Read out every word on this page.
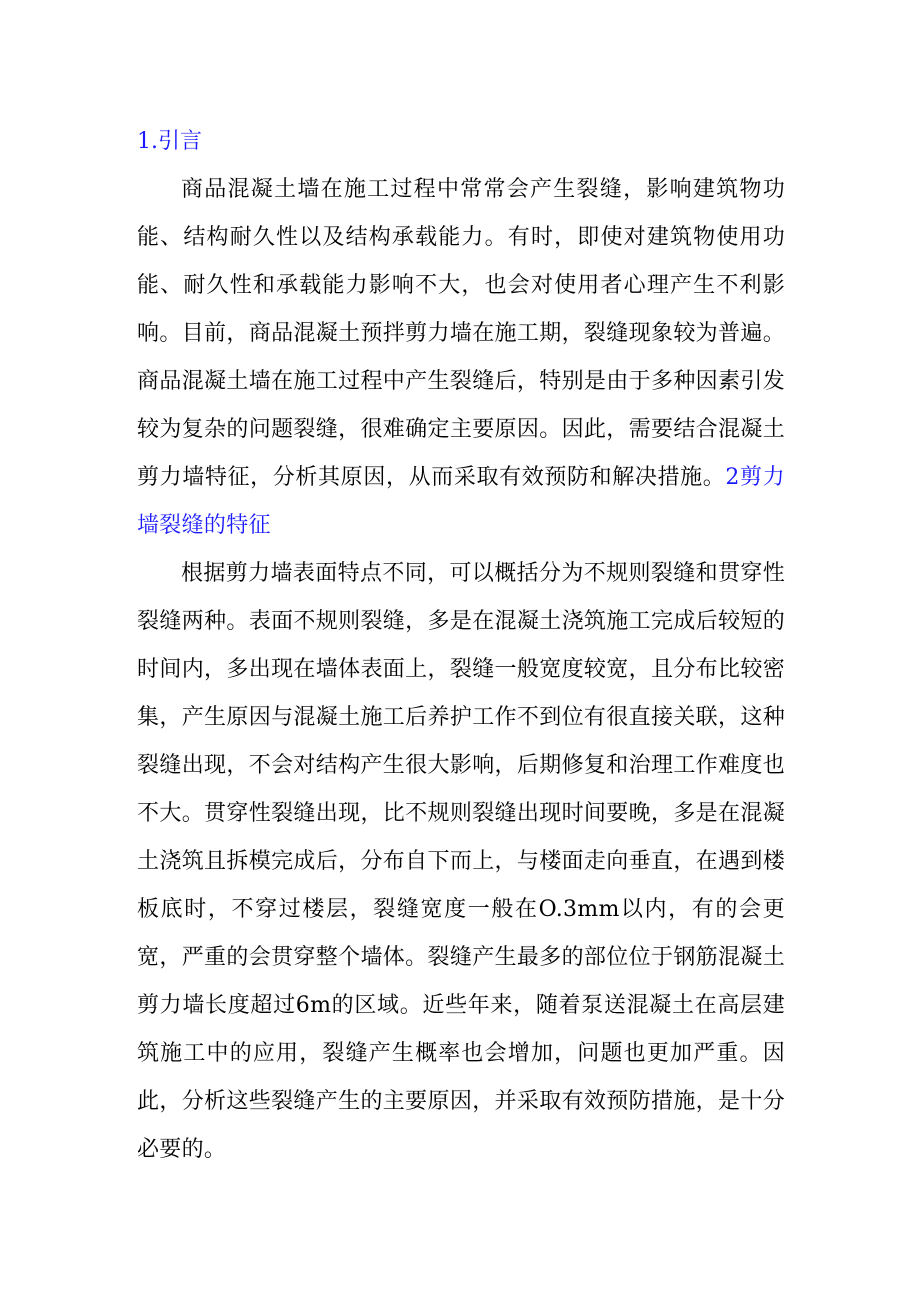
1.引言

商品混凝土墙在施工过程中常常会产生裂缝，影响建筑物功能、结构耐久性以及结构承载能力。有时，即使对建筑物使用功能、耐久性和承载能力影响不大，也会对使用者心理产生不利影响。目前，商品混凝土预拌剪力墙在施工期，裂缝现象较为普遍。商品混凝土墙在施工过程中产生裂缝后，特别是由于多种因素引发较为复杂的问题裂缝，很难确定主要原因。因此，需要结合混凝土剪力墙特征，分析其原因，从而采取有效预防和解决措施。2剪力墙裂缝的特征

根据剪力墙表面特点不同，可以概括分为不规则裂缝和贯穿性裂缝两种。表面不规则裂缝，多是在混凝土浇筑施工完成后较短的时间内，多出现在墙体表面上，裂缝一般宽度较宽，且分布比较密集，产生原因与混凝土施工后养护工作不到位有很直接关联，这种裂缝出现，不会对结构产生很大影响，后期修复和治理工作难度也不大。贯穿性裂缝出现，比不规则裂缝出现时间要晚，多是在混凝土浇筑且拆模完成后，分布自下而上，与楼面走向垂直，在遇到楼板底时，不穿过楼层，裂缝宽度一般在O.3mm以内，有的会更宽，严重的会贯穿整个墙体。裂缝产生最多的部位位于钢筋混凝土剪力墙长度超过6m的区域。近些年来，随着泵送混凝土在高层建筑施工中的应用，裂缝产生概率也会增加，问题也更加严重。因此，分析这些裂缝产生的主要原因，并采取有效预防措施，是十分必要的。
